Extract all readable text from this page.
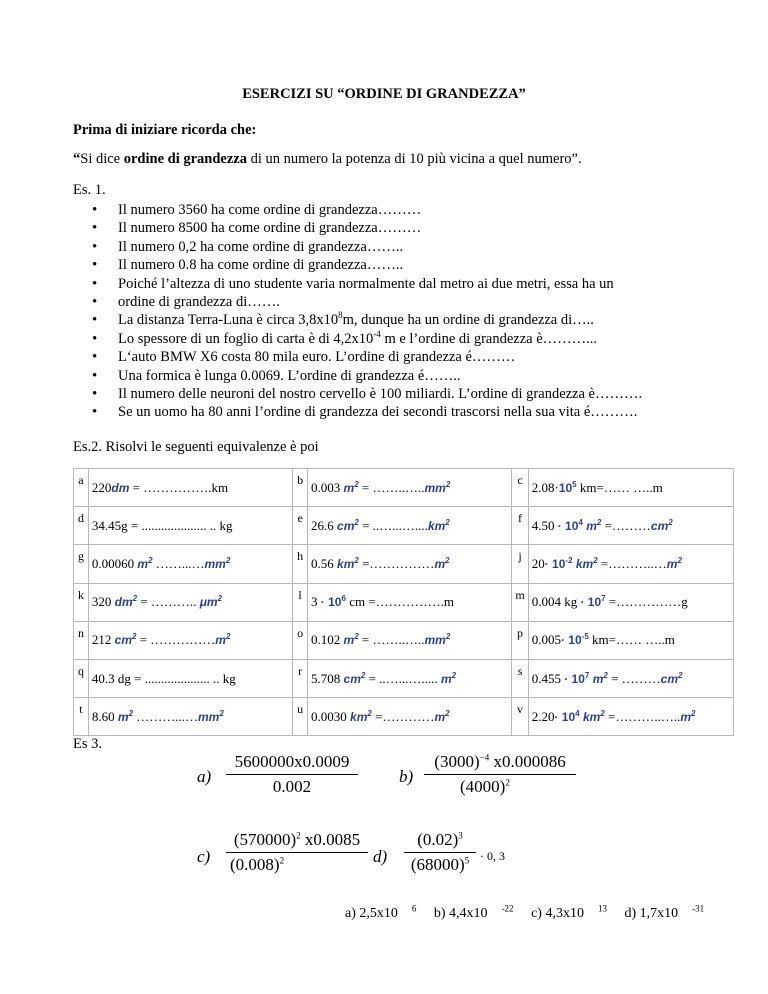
ESERCIZI SU “ORDINE DI GRANDEZZA”
Prima di iniziare ricorda che:
“Si dice ordine di grandezza di un numero la potenza di 10 più vicina a quel numero”.
Es. 1.
• Il numero 3560 ha come ordine di grandezza………
• Il numero 8500 ha come ordine di grandezza………
• Il numero 0,2 ha come ordine di grandezza……..
• Il numero 0.8 ha come ordine di grandezza……..
• Poiché l’altezza di uno studente varia normalmente dal metro ai due metri, essa ha un
• ordine di grandezza di…….
• La distanza Terra-Luna è circa $3,8x10^8m$, dunque ha un ordine di grandezza di…..
• Lo spessore di un foglio di carta è di $4,2x10^{-4}$ m e l’ordine di grandezza è………...
• L‘auto BMW X6 costa 80 mila euro. L’ordine di grandezza é………
• Una formica è lunga 0.0069. L’ordine di grandezza é……..
• Il numero delle neuroni del nostro cervello è 100 miliardi. L’ordine di grandezza è……….
• Se un uomo ha 80 anni l’ordine di grandezza dei secondi trascorsi nella sua vita é……….
Es.2. Risolvi le seguenti equivalenze è poi
a	220dm = …………….km	b	0.003 $m^2$ = $\dots\dots..\dots..mm^2$	c	$2.08\cdot 10^5$ km=…… …..m
d	34.45g = .................... .. kg	e	26.6 $cm^2$ = $..\dots...\dots....km^2$	f	$4.50 \cdot 10^4$ $m^2$ $=\dots\dots\dots cm^2$
g	0.00060 $m^2$ $\dots\dots...\dots mm^2$	h	0.56 $km^2$ $=\dots\dots\dots\dots\dots m^2$	j	$20\cdot 10^{-2}$ $km^2$ $=\dots\dots\dots..\dots m^2$
k	320 $dm^2$ = ……….. $\mu m^2$	l	$3 \cdot 10^6$ cm =…………….m	m	0.004 kg · $10^7$ =……………g
n	212 $cm^2$ = $\dots\dots\dots\dots\dots m^2$	o	0.102 $m^2$ = $\dots\dots..\dots..mm^2$	p	$0.005\cdot 10^{-5}$ km=…… …..m
q	40.3 dg = .................... .. kg	r	5.708 $cm^2$ = ..…...…..... $m^2$	s	$0.455 \cdot 10^7$ $m^2$ = $\dots\dots\dots cm^2$
t	8.60 $m^2$ $\dots\dots\dots...\dots mm^2$	u	0.0030 $km^2$ $=\dots\dots\dots\dots m^2$	v	$2.20\cdot 10^4$ $km^2$ $=\dots\dots\dots..\dots..m^2$
Es 3.
a)
5600000x0.0009
0.002
b)
$(3000)^{-4}$ x0.000086
$(4000)^2$
c)
$(570000)^2$ x0.0085
$(0.008)^2$	d)
$(0.02)^3$
$(68000)^5 \cdot 0$, 3
a) 2,5x10 $^6$ b) 4,4x10 $^{-22}$ c) 4,3x10 $^{13}$ d) 1,7x10 $^{-31}$
